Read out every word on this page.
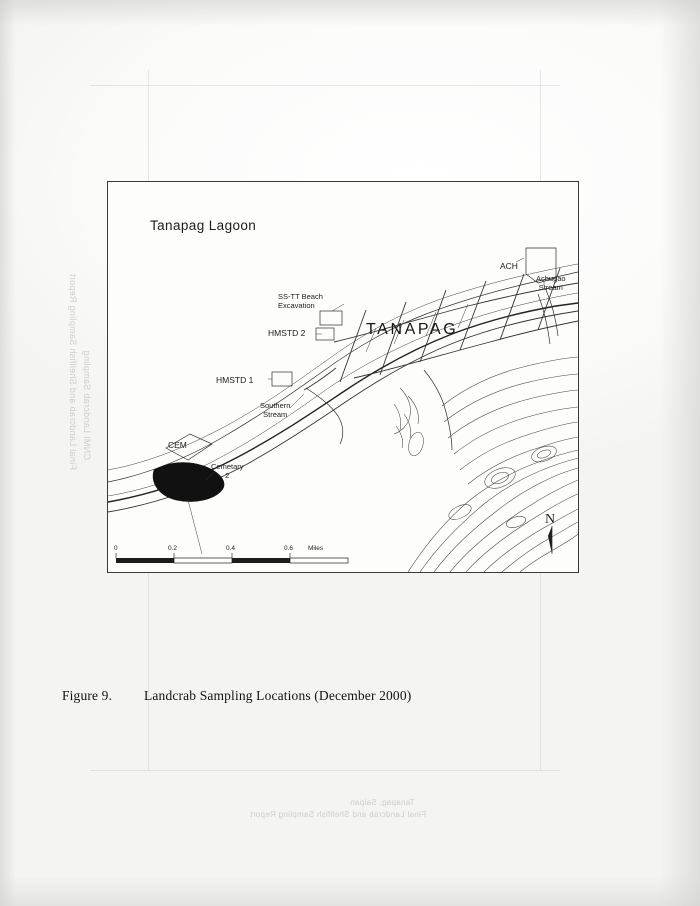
Final Landcrab and Shellfish Sampling Report CNMI Landcrab Sampling
Final Landcrab and Shellfish Sampling Report
Tanapag, Saipan
Tanapag Lagoon
TANAPAG
SS-TT Beach
Excavation
HMSTD 2
HMSTD 1
Southern
Stream
CEM
Cemetary
2
ACH
Achugao
Stream
N
0	0.2	0.4	0.6 Miles
Figure 9. Landcrab Sampling Locations (December 2000)
